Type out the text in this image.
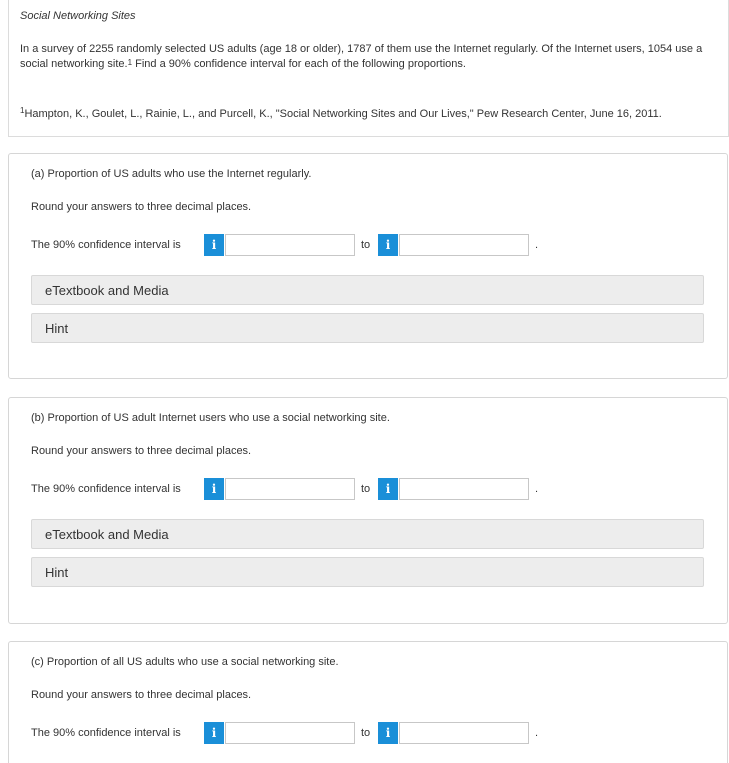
Social Networking Sites
In a survey of 2255 randomly selected US adults (age 18 or older), 1787 of them use the Internet regularly. Of the Internet users, 1054 use a social networking site.$^1$ Find a 90% confidence interval for each of the following proportions.
$^1$Hampton, K., Goulet, L., Rainie, L., and Purcell, K., "Social Networking Sites and Our Lives," Pew Research Center, June 16, 2011.
(a) Proportion of US adults who use the Internet regularly.
Round your answers to three decimal places.
The 90% confidence interval is	i	to	i	.
eTextbook and Media
Hint
(b) Proportion of US adult Internet users who use a social networking site.
Round your answers to three decimal places.
The 90% confidence interval is	i	to	i	.
eTextbook and Media
Hint
(c) Proportion of all US adults who use a social networking site.
Round your answers to three decimal places.
The 90% confidence interval is	i	to	i	.
